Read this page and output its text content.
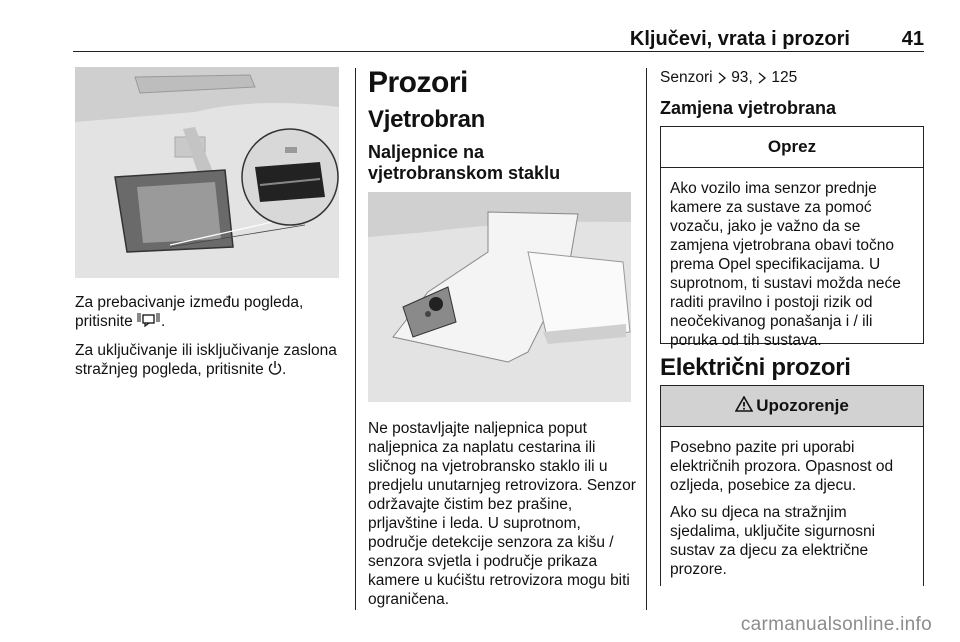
Ključevi, vrata i prozori	41

Za prebacivanje između pogleda, pritisnite .

Za uključivanje ili isključivanje zaslona stražnjeg pogleda, pritisnite .

Prozori
Vjetrobran
Naljepnice na vjetrobranskom staklu

Ne postavljajte naljepnica poput naljepnica za naplatu cestarina ili sličnog na vjetrobransko staklo ili u predjelu unutarnjeg retrovizora. Senzor održavajte čistim bez prašine, prljavštine i leda. U suprotnom, područje detekcije senzora za kišu / senzora svjetla i područje prikaza kamere u kućištu retrovizora mogu biti ograničena.

Senzori  93,  125
Zamjena vjetrobrana
Oprez

Ako vozilo ima senzor prednje kamere za sustave za pomoć vozaču, jako je važno da se zamjena vjetrobrana obavi točno prema Opel specifikacijama. U suprotnom, ti sustavi možda neće raditi pravilno i postoji rizik od neočekivanog ponašanja i / ili poruka od tih sustava.

Električni prozori
Upozorenje

Posebno pazite pri uporabi električnih prozora. Opasnost od ozljeda, posebice za djecu.

Ako su djeca na stražnjim sjedalima, uključite sigurnosni sustav za djecu za električne prozore.

carmanualsonline.info
